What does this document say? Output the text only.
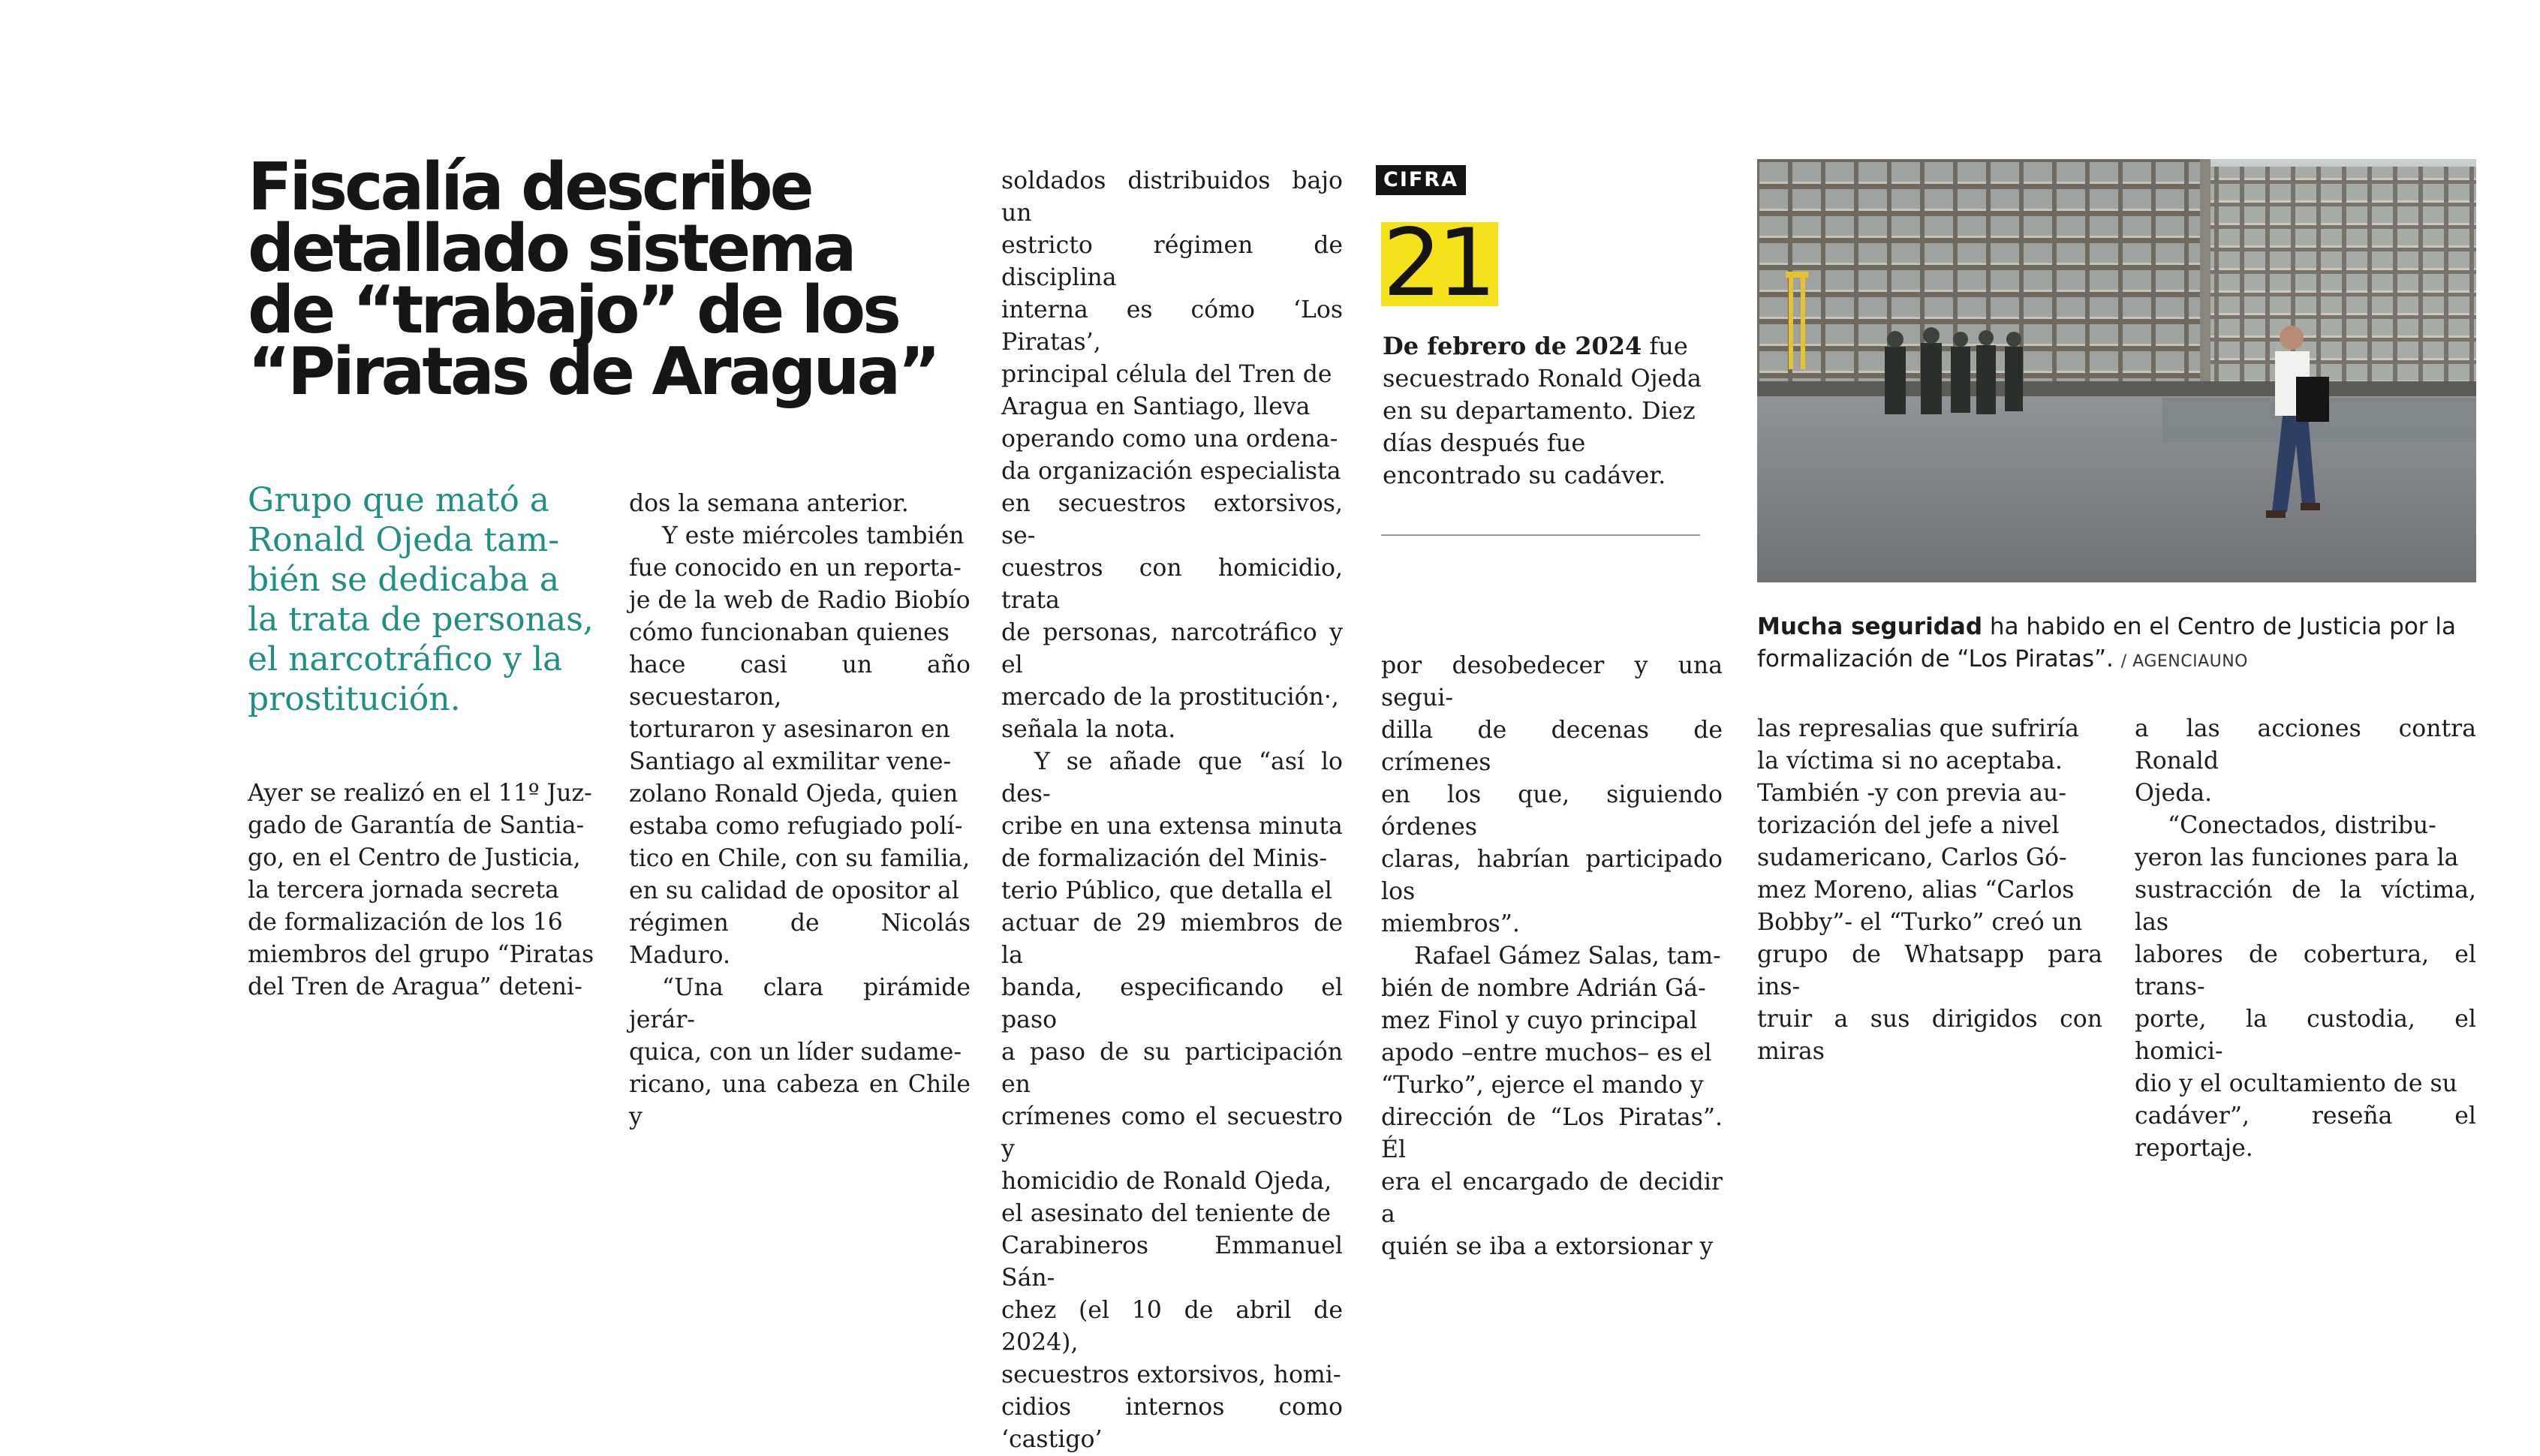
Fiscalía describe
detallado sistema
de “trabajo” de los
“Piratas de Aragua”

Grupo que mató a
Ronald Ojeda tam-
bién se dedicaba a
la trata de personas,
el narcotráfico y la
prostitución.

Ayer se realizó en el 11º Juz-
gado de Garantía de Santia-
go, en el Centro de Justicia,
la tercera jornada secreta
de formalización de los 16
miembros del grupo “Piratas
del Tren de Aragua” deteni-

dos la semana anterior.

Y este miércoles también
fue conocido en un reporta-
je de la web de Radio Biobío
cómo funcionaban quienes
hace casi un año secuestaron,
torturaron y asesinaron en
Santiago al exmilitar vene-
zolano Ronald Ojeda, quien
estaba como refugiado polí-
tico en Chile, con su familia,
en su calidad de opositor al
régimen de Nicolás Maduro.

“Una clara pirámide jerár-
quica, con un líder sudame-
ricano, una cabeza en Chile y

soldados distribuidos bajo un
estricto régimen de disciplina
interna es cómo ‘Los Piratas’,
principal célula del Tren de
Aragua en Santiago, lleva
operando como una ordena-
da organización especialista
en secuestros extorsivos, se-
cuestros con homicidio, trata
de personas, narcotráfico y el
mercado de la prostitución·,
señala la nota.

Y se añade que “así lo des-
cribe en una extensa minuta
de formalización del Minis-
terio Público, que detalla el
actuar de 29 miembros de la
banda, especificando el paso
a paso de su participación en
crímenes como el secuestro y
homicidio de Ronald Ojeda,
el asesinato del teniente de
Carabineros Emmanuel Sán-
chez (el 10 de abril de 2024),
secuestros extorsivos, homi-
cidios internos como ‘castigo’

CIFRA
21

De febrero de 2024 fue secuestrado Ronald Ojeda en su departamento. Diez días después fue encontrado su cadáver.

por desobedecer y una segui-
dilla de decenas de crímenes
en los que, siguiendo órdenes
claras, habrían participado los
miembros”.

Rafael Gámez Salas, tam-
bién de nombre Adrián Gá-
mez Finol y cuyo principal
apodo –entre muchos– es el
“Turko”, ejerce el mando y
dirección de “Los Piratas”. Él
era el encargado de decidir a
quién se iba a extorsionar y

Mucha seguridad ha habido en el Centro de Justicia por la formalización de “Los Piratas”. / AGENCIAUNO

las represalias que sufriría
la víctima si no aceptaba.
También -y con previa au-
torización del jefe a nivel
sudamericano, Carlos Gó-
mez Moreno, alias “Carlos
Bobby”- el “Turko” creó un
grupo de Whatsapp para ins-
truir a sus dirigidos con miras

a las acciones contra Ronald
Ojeda.

“Conectados, distribu-
yeron las funciones para la
sustracción de la víctima, las
labores de cobertura, el trans-
porte, la custodia, el homici-
dio y el ocultamiento de su
cadáver”, reseña el reportaje.
